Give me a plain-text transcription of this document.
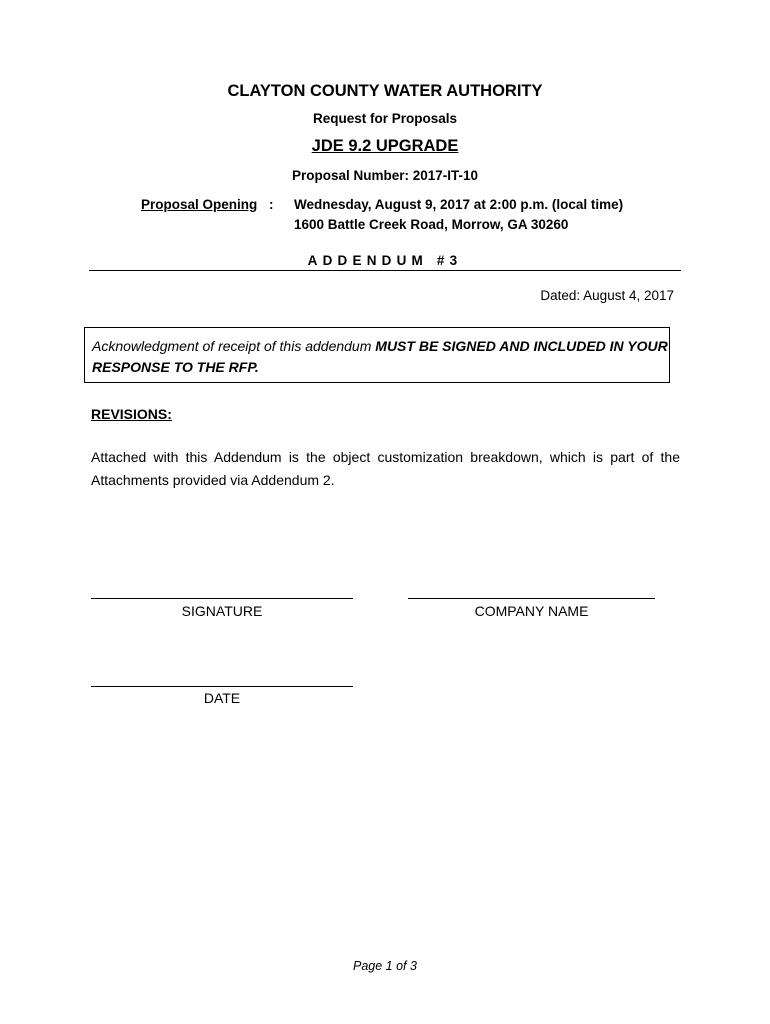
CLAYTON COUNTY WATER AUTHORITY
Request for Proposals
JDE 9.2 UPGRADE
Proposal Number: 2017-IT-10
Proposal Opening : Wednesday, August 9, 2017 at 2:00 p.m. (local time)
1600 Battle Creek Road, Morrow, GA 30260
ADDENDUM #3
Dated: August 4, 2017
Acknowledgment of receipt of this addendum MUST BE SIGNED AND INCLUDED IN YOUR RESPONSE TO THE RFP.
REVISIONS:
Attached with this Addendum is the object customization breakdown, which is part of the Attachments provided via Addendum 2.
SIGNATURE	COMPANY NAME
DATE
Page 1 of 3
